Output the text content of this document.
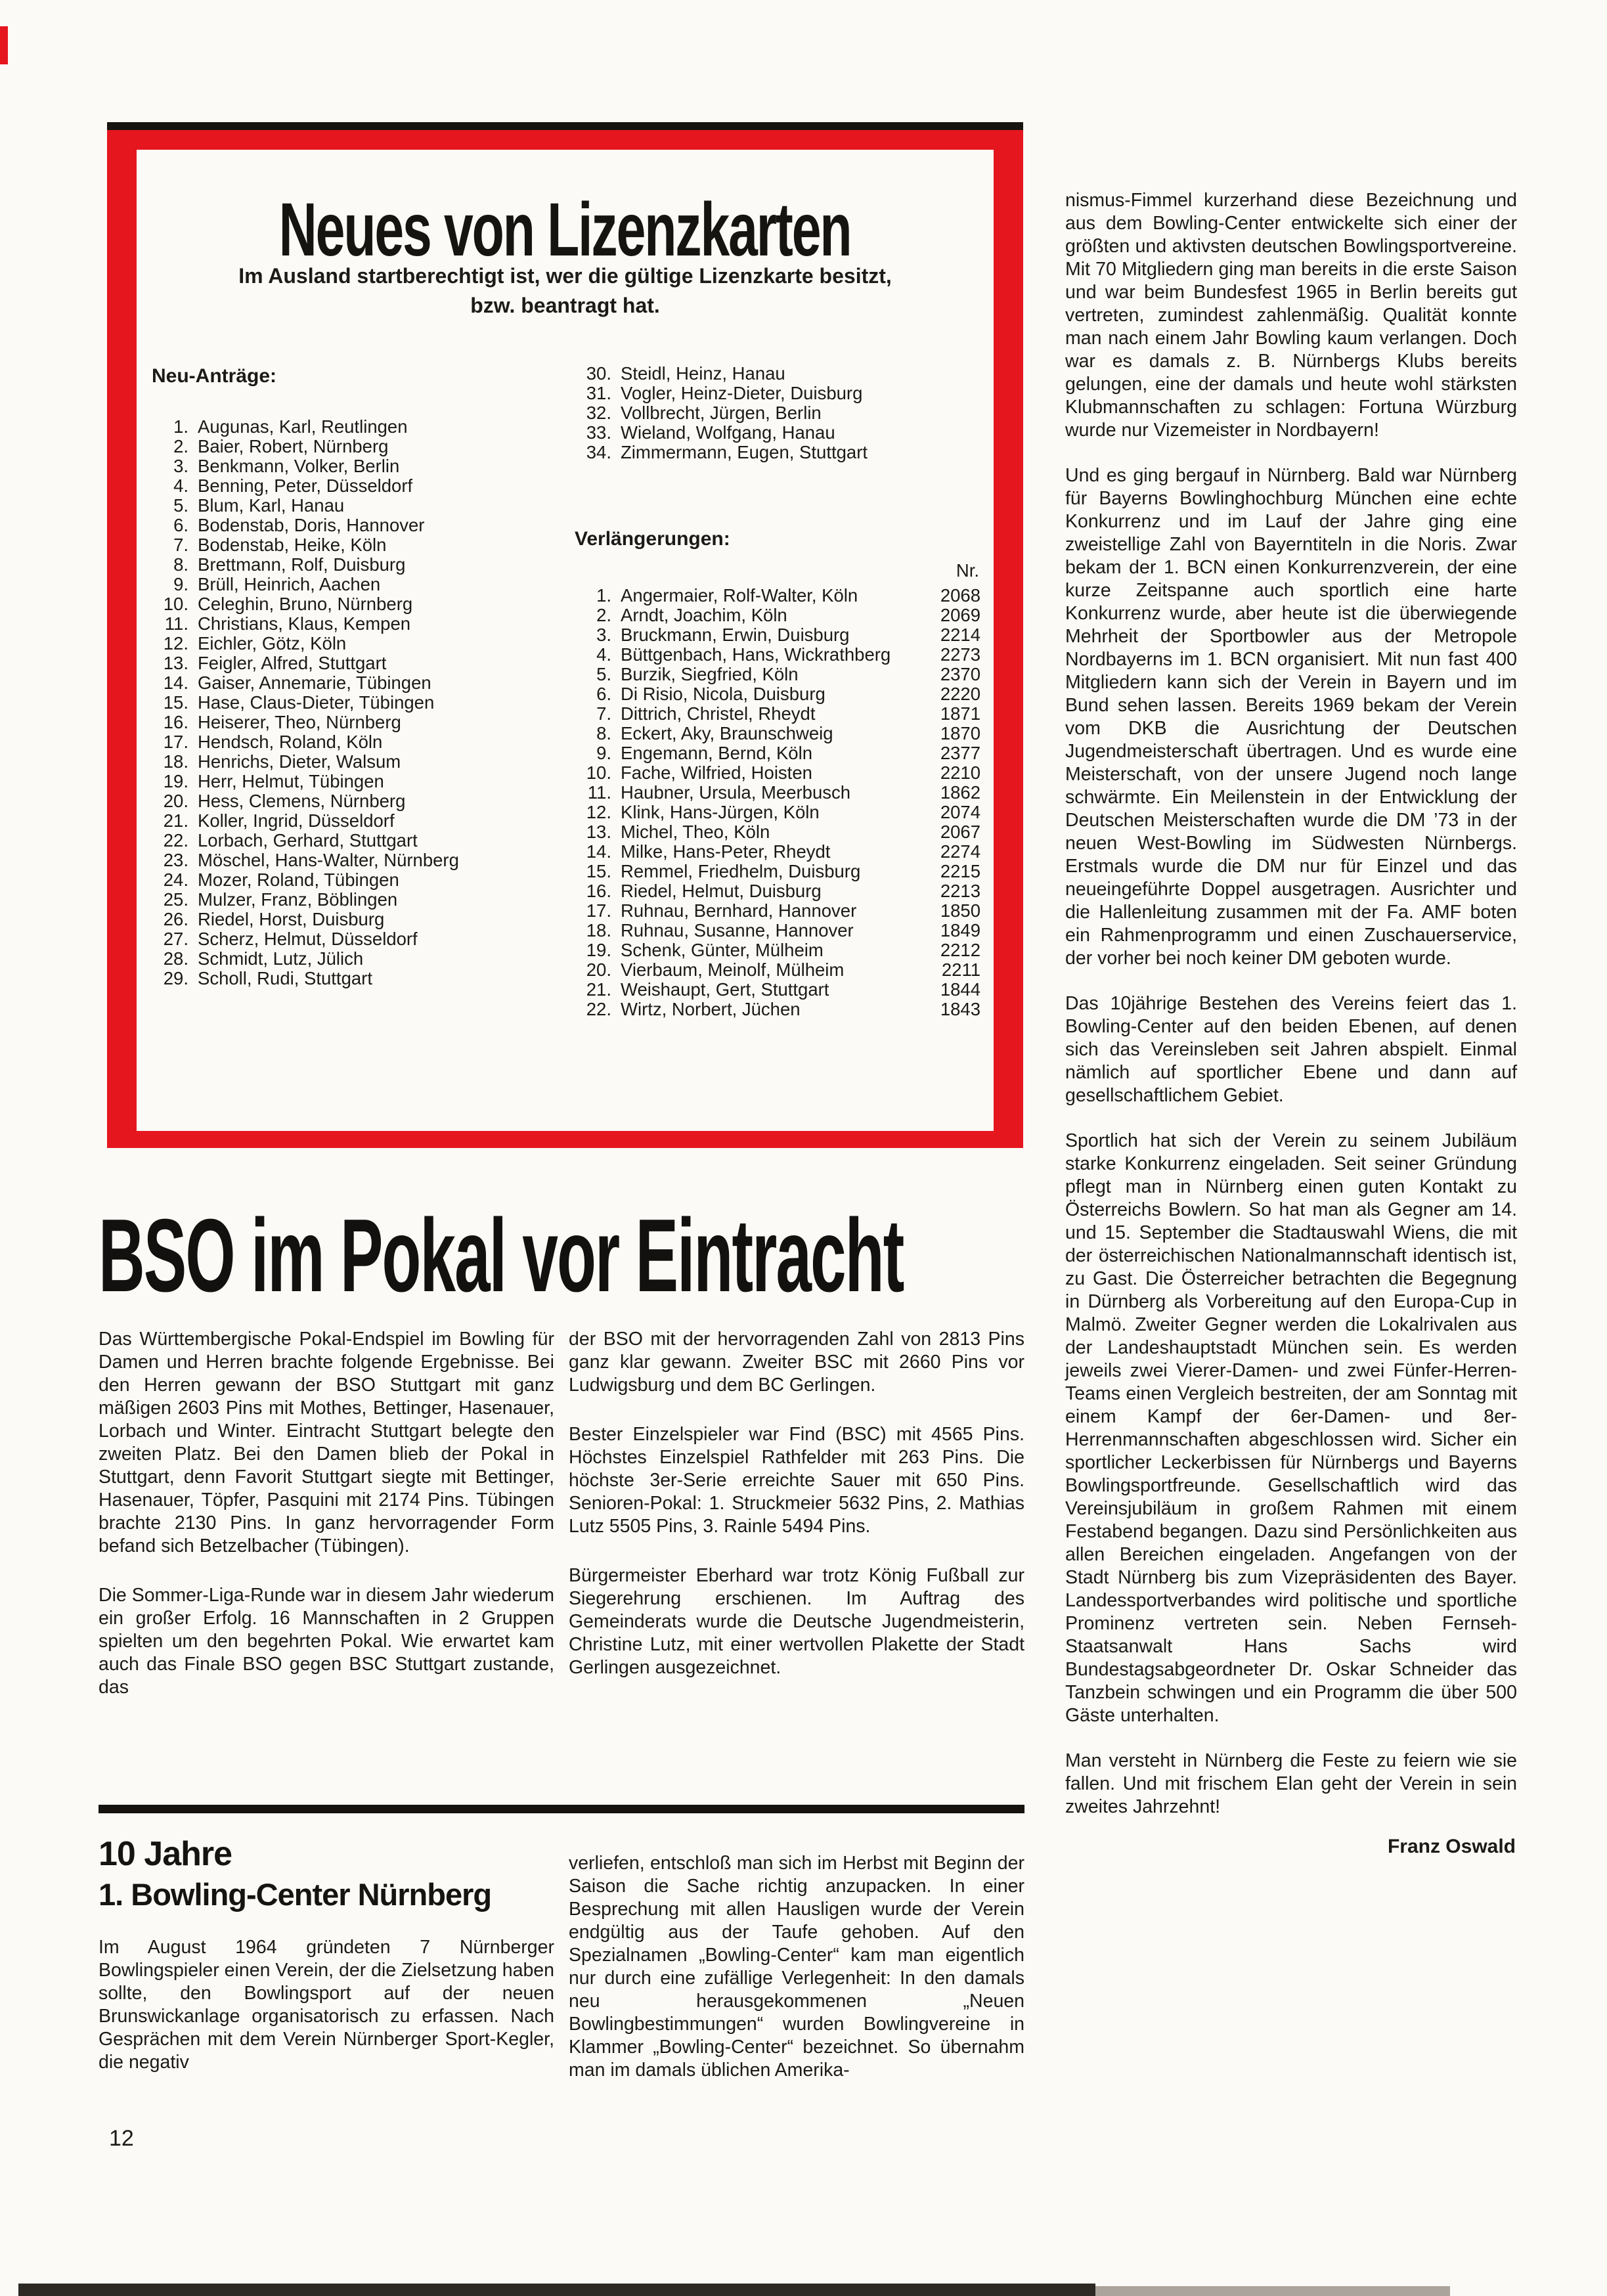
Neues von Lizenzkarten
Im Ausland startberechtigt ist, wer die gültige Lizenzkarte besitzt,
bzw. beantragt hat.
Neu-Anträge:
1. Augunas, Karl, Reutlingen
2. Baier, Robert, Nürnberg
3. Benkmann, Volker, Berlin
4. Benning, Peter, Düsseldorf
5. Blum, Karl, Hanau
6. Bodenstab, Doris, Hannover
7. Bodenstab, Heike, Köln
8. Brettmann, Rolf, Duisburg
9. Brüll, Heinrich, Aachen
10. Celeghin, Bruno, Nürnberg
11. Christians, Klaus, Kempen
12. Eichler, Götz, Köln
13. Feigler, Alfred, Stuttgart
14. Gaiser, Annemarie, Tübingen
15. Hase, Claus-Dieter, Tübingen
16. Heiserer, Theo, Nürnberg
17. Hendsch, Roland, Köln
18. Henrichs, Dieter, Walsum
19. Herr, Helmut, Tübingen
20. Hess, Clemens, Nürnberg
21. Koller, Ingrid, Düsseldorf
22. Lorbach, Gerhard, Stuttgart
23. Möschel, Hans-Walter, Nürnberg
24. Mozer, Roland, Tübingen
25. Mulzer, Franz, Böblingen
26. Riedel, Horst, Duisburg
27. Scherz, Helmut, Düsseldorf
28. Schmidt, Lutz, Jülich
29. Scholl, Rudi, Stuttgart
30. Steidl, Heinz, Hanau
31. Vogler, Heinz-Dieter, Duisburg
32. Vollbrecht, Jürgen, Berlin
33. Wieland, Wolfgang, Hanau
34. Zimmermann, Eugen, Stuttgart
Verlängerungen:
Nr.
1. Angermaier, Rolf-Walter, Köln	2068
2. Arndt, Joachim, Köln	2069
3. Bruckmann, Erwin, Duisburg	2214
4. Büttgenbach, Hans, Wickrathberg	2273
5. Burzik, Siegfried, Köln	2370
6. Di Risio, Nicola, Duisburg	2220
7. Dittrich, Christel, Rheydt	1871
8. Eckert, Aky, Braunschweig	1870
9. Engemann, Bernd, Köln	2377
10. Fache, Wilfried, Hoisten	2210
11. Haubner, Ursula, Meerbusch	1862
12. Klink, Hans-Jürgen, Köln	2074
13. Michel, Theo, Köln	2067
14. Milke, Hans-Peter, Rheydt	2274
15. Remmel, Friedhelm, Duisburg	2215
16. Riedel, Helmut, Duisburg	2213
17. Ruhnau, Bernhard, Hannover	1850
18. Ruhnau, Susanne, Hannover	1849
19. Schenk, Günter, Mülheim	2212
20. Vierbaum, Meinolf, Mülheim	2211
21. Weishaupt, Gert, Stuttgart	1844
22. Wirtz, Norbert, Jüchen	1843

nismus-Fimmel kurzerhand diese Bezeichnung und aus dem Bowling-Center entwickelte sich einer der größten und aktivsten deutschen Bowlingsportvereine. Mit 70 Mitgliedern ging man bereits in die erste Saison und war beim Bundesfest 1965 in Berlin bereits gut vertreten, zumindest zahlenmäßig. Qualität konnte man nach einem Jahr Bowling kaum verlangen. Doch war es damals z. B. Nürnbergs Klubs bereits gelungen, eine der damals und heute wohl stärksten Klubmannschaften zu schlagen: Fortuna Würzburg wurde nur Vizemeister in Nordbayern!

Und es ging bergauf in Nürnberg. Bald war Nürnberg für Bayerns Bowlinghochburg München eine echte Konkurrenz und im Lauf der Jahre ging eine zweistellige Zahl von Bayerntiteln in die Noris. Zwar bekam der 1. BCN einen Konkurrenzverein, der eine kurze Zeitspanne auch sportlich eine harte Konkurrenz wurde, aber heute ist die überwiegende Mehrheit der Sportbowler aus der Metropole Nordbayerns im 1. BCN organisiert. Mit nun fast 400 Mitgliedern kann sich der Verein in Bayern und im Bund sehen lassen. Bereits 1969 bekam der Verein vom DKB die Ausrichtung der Deutschen Jugendmeisterschaft übertragen. Und es wurde eine Meisterschaft, von der unsere Jugend noch lange schwärmte. Ein Meilenstein in der Entwicklung der Deutschen Meisterschaften wurde die DM ’73 in der neuen West-Bowling im Südwesten Nürnbergs. Erstmals wurde die DM nur für Einzel und das neueingeführte Doppel ausgetragen. Ausrichter und die Hallenleitung zusammen mit der Fa. AMF boten ein Rahmenprogramm und einen Zuschauerservice, der vorher bei noch keiner DM geboten wurde.

Das 10jährige Bestehen des Vereins feiert das 1. Bowling-Center auf den beiden Ebenen, auf denen sich das Vereinsleben seit Jahren abspielt. Einmal nämlich auf sportlicher Ebene und dann auf gesellschaftlichem Gebiet.

Sportlich hat sich der Verein zu seinem Jubiläum starke Konkurrenz eingeladen. Seit seiner Gründung pflegt man in Nürnberg einen guten Kontakt zu Österreichs Bowlern. So hat man als Gegner am 14. und 15. September die Stadtauswahl Wiens, die mit der österreichischen Nationalmannschaft identisch ist, zu Gast. Die Österreicher betrachten die Begegnung in Dürnberg als Vorbereitung auf den Europa-Cup in Malmö. Zweiter Gegner werden die Lokalrivalen aus der Landeshauptstadt München sein. Es werden jeweils zwei Vierer-Damen- und zwei Fünfer-Herren-Teams einen Vergleich bestreiten, der am Sonntag mit einem Kampf der 6er-Damen- und 8er-Herrenmannschaften abgeschlossen wird. Sicher ein sportlicher Leckerbissen für Nürnbergs und Bayerns Bowlingsportfreunde. Gesellschaftlich wird das Vereinsjubiläum in großem Rahmen mit einem Festabend begangen. Dazu sind Persönlichkeiten aus allen Bereichen eingeladen. Angefangen von der Stadt Nürnberg bis zum Vizepräsidenten des Bayer. Landessportverbandes wird politische und sportliche Prominenz vertreten sein. Neben Fernseh-Staatsanwalt Hans Sachs wird Bundestagsabgeordneter Dr. Oskar Schneider das Tanzbein schwingen und ein Programm die über 500 Gäste unterhalten.

Man versteht in Nürnberg die Feste zu feiern wie sie fallen. Und mit frischem Elan geht der Verein in sein zweites Jahrzehnt!

Franz Oswald
BSO im Pokal vor Eintracht

Das Württembergische Pokal-Endspiel im Bowling für Damen und Herren brachte folgende Ergebnisse. Bei den Herren gewann der BSO Stuttgart mit ganz mäßigen 2603 Pins mit Mothes, Bettinger, Hasenauer, Lorbach und Winter. Eintracht Stuttgart belegte den zweiten Platz. Bei den Damen blieb der Pokal in Stuttgart, denn Favorit Stuttgart siegte mit Bettinger, Hasenauer, Töpfer, Pasquini mit 2174 Pins. Tübingen brachte 2130 Pins. In ganz hervorragender Form befand sich Betzelbacher (Tübingen).

Die Sommer-Liga-Runde war in diesem Jahr wiederum ein großer Erfolg. 16 Mannschaften in 2 Gruppen spielten um den begehrten Pokal. Wie erwartet kam auch das Finale BSO gegen BSC Stuttgart zustande, das

der BSO mit der hervorragenden Zahl von 2813 Pins ganz klar gewann. Zweiter BSC mit 2660 Pins vor Ludwigsburg und dem BC Gerlingen.

Bester Einzelspieler war Find (BSC) mit 4565 Pins. Höchstes Einzelspiel Rathfelder mit 263 Pins. Die höchste 3er-Serie erreichte Sauer mit 650 Pins. Senioren-Pokal: 1. Struckmeier 5632 Pins, 2. Mathias Lutz 5505 Pins, 3. Rainle 5494 Pins.

Bürgermeister Eberhard war trotz König Fußball zur Siegerehrung erschienen. Im Auftrag des Gemeinderats wurde die Deutsche Jugendmeisterin, Christine Lutz, mit einer wertvollen Plakette der Stadt Gerlingen ausgezeichnet.

10 Jahre
1. Bowling-Center Nürnberg

Im August 1964 gründeten 7 Nürnberger Bowlingspieler einen Verein, der die Zielsetzung haben sollte, den Bowlingsport auf der neuen Brunswickanlage organisatorisch zu erfassen. Nach Gesprächen mit dem Verein Nürnberger Sport-Kegler, die negativ

verliefen, entschloß man sich im Herbst mit Beginn der Saison die Sache richtig anzupacken. In einer Besprechung mit allen Hausligen wurde der Verein endgültig aus der Taufe gehoben. Auf den Spezialnamen „Bowling-Center“ kam man eigentlich nur durch eine zufällige Verlegenheit: In den damals neu herausgekommenen „Neuen Bowlingbestimmungen“ wurden Bowlingvereine in Klammer „Bowling-Center“ bezeichnet. So übernahm man im damals üblichen Amerika-

12
